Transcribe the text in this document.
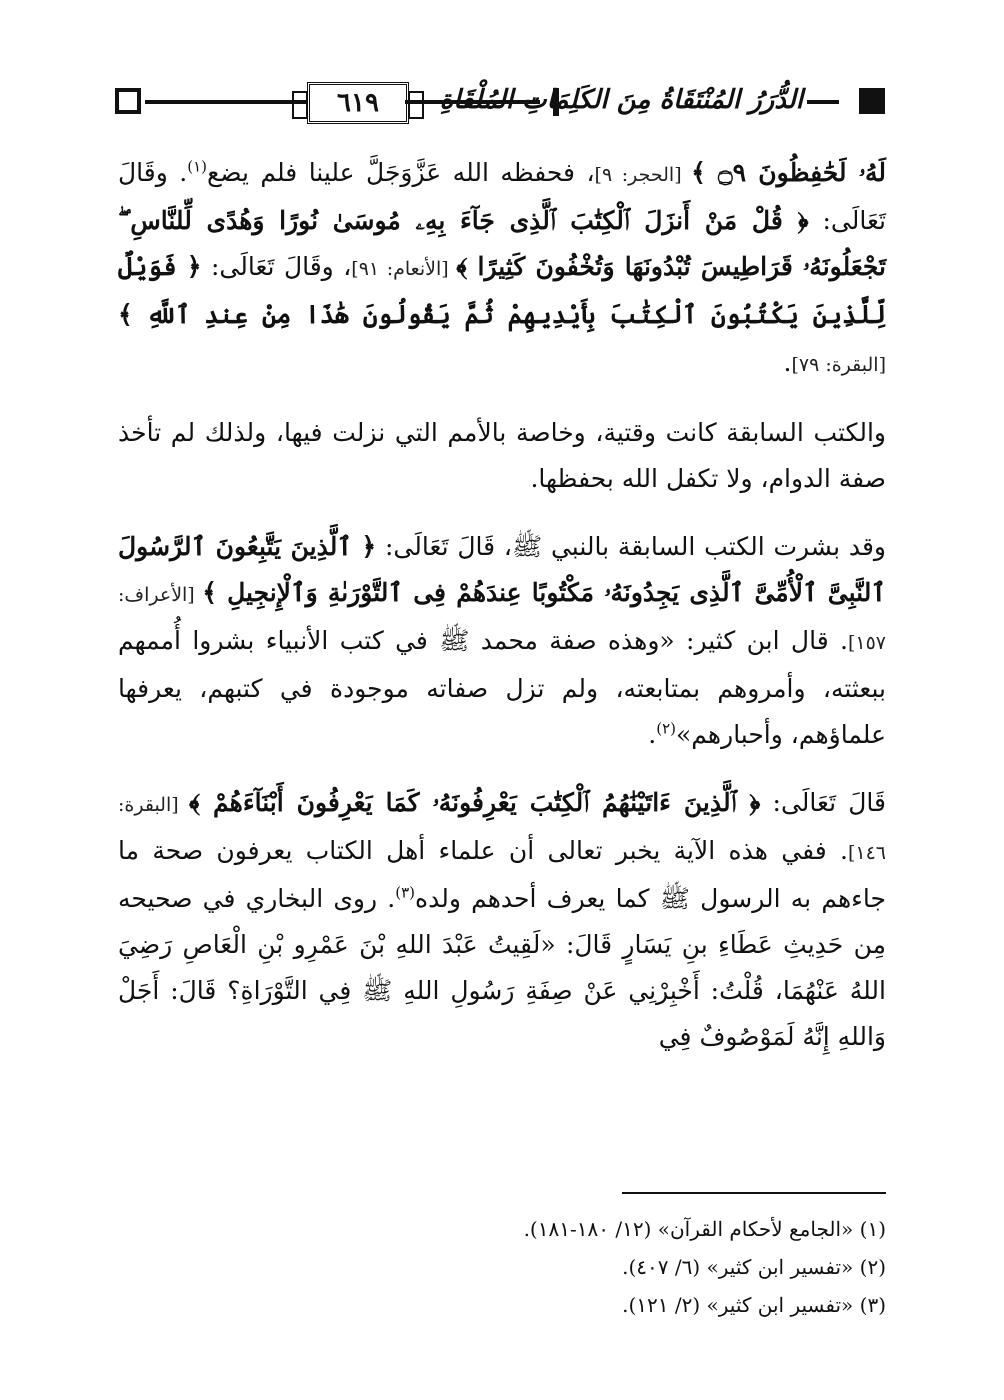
٦١٩ الدُّرَرُ المُنْتَقَاةُ مِنَ الكَلِمَاتِ المُلْقَاةِ

لَهُۥ لَحَٰفِظُونَ ۝٩ ﴾ [الحجر: ٩]، فحفظه الله عَزَّوَجَلَّ علينا فلم يضع$^{(١)}$. وقَالَ تَعَالَى: ﴿ قُلْ مَنْ أَنزَلَ ٱلْكِتَٰبَ ٱلَّذِى جَآءَ بِهِۦ مُوسَىٰ نُورًا وَهُدًى لِّلنَّاسِ ۖ تَجْعَلُونَهُۥ قَرَاطِيسَ تُبْدُونَهَا وَتُخْفُونَ كَثِيرًا ﴾ [الأنعام: ٩١]، وقَالَ تَعَالَى: ﴿ فَوَيْلٌ لِّلَّذِينَ يَكْتُبُونَ ٱلْكِتَٰبَ بِأَيْدِيهِمْ ثُمَّ يَقُولُونَ هَٰذَا مِنْ عِندِ ٱللَّهِ ﴾ [البقرة: ٧٩].

والكتب السابقة كانت وقتية، وخاصة بالأمم التي نزلت فيها، ولذلك لم تأخذ صفة الدوام، ولا تكفل الله بحفظها.

وقد بشرت الكتب السابقة بالنبي ﷺ، قَالَ تَعَالَى: ﴿ ٱلَّذِينَ يَتَّبِعُونَ ٱلرَّسُولَ ٱلنَّبِىَّ ٱلْأُمِّىَّ ٱلَّذِى يَجِدُونَهُۥ مَكْتُوبًا عِندَهُمْ فِى ٱلتَّوْرَىٰةِ وَٱلْإِنجِيلِ ﴾ [الأعراف: ١٥٧]. قال ابن كثير: «وهذه صفة محمد ﷺ في كتب الأنبياء بشروا أُممهم ببعثته، وأمروهم بمتابعته، ولم تزل صفاته موجودة في كتبهم، يعرفها علماؤهم، وأحبارهم»$^{(٢)}$.

قَالَ تَعَالَى: ﴿ ٱلَّذِينَ ءَاتَيْنَٰهُمُ ٱلْكِتَٰبَ يَعْرِفُونَهُۥ كَمَا يَعْرِفُونَ أَبْنَآءَهُمْ ﴾ [البقرة: ١٤٦]. ففي هذه الآية يخبر تعالى أن علماء أهل الكتاب يعرفون صحة ما جاءهم به الرسول ﷺ كما يعرف أحدهم ولده$^{(٣)}$. روى البخاري في صحيحه مِن حَدِيثِ عَطَاءِ بنِ يَسَارٍ قَالَ: «لَقِيتُ عَبْدَ اللهِ بْنَ عَمْرِو بْنِ الْعَاصِ رَضِيَ اللهُ عَنْهُمَا، قُلْتُ: أَخْبِرْنِي عَنْ صِفَةِ رَسُولِ اللهِ ﷺ فِي التَّوْرَاةِ؟ قَالَ: أَجَلْ وَاللهِ إِنَّهُ لَمَوْصُوفٌ فِي

(١) «الجامع لأحكام القرآن» (١٢/ ١٨٠-١٨١).
(٢) «تفسير ابن كثير» (٦/ ٤٠٧).
(٣) «تفسير ابن كثير» (٢/ ١٢١).
